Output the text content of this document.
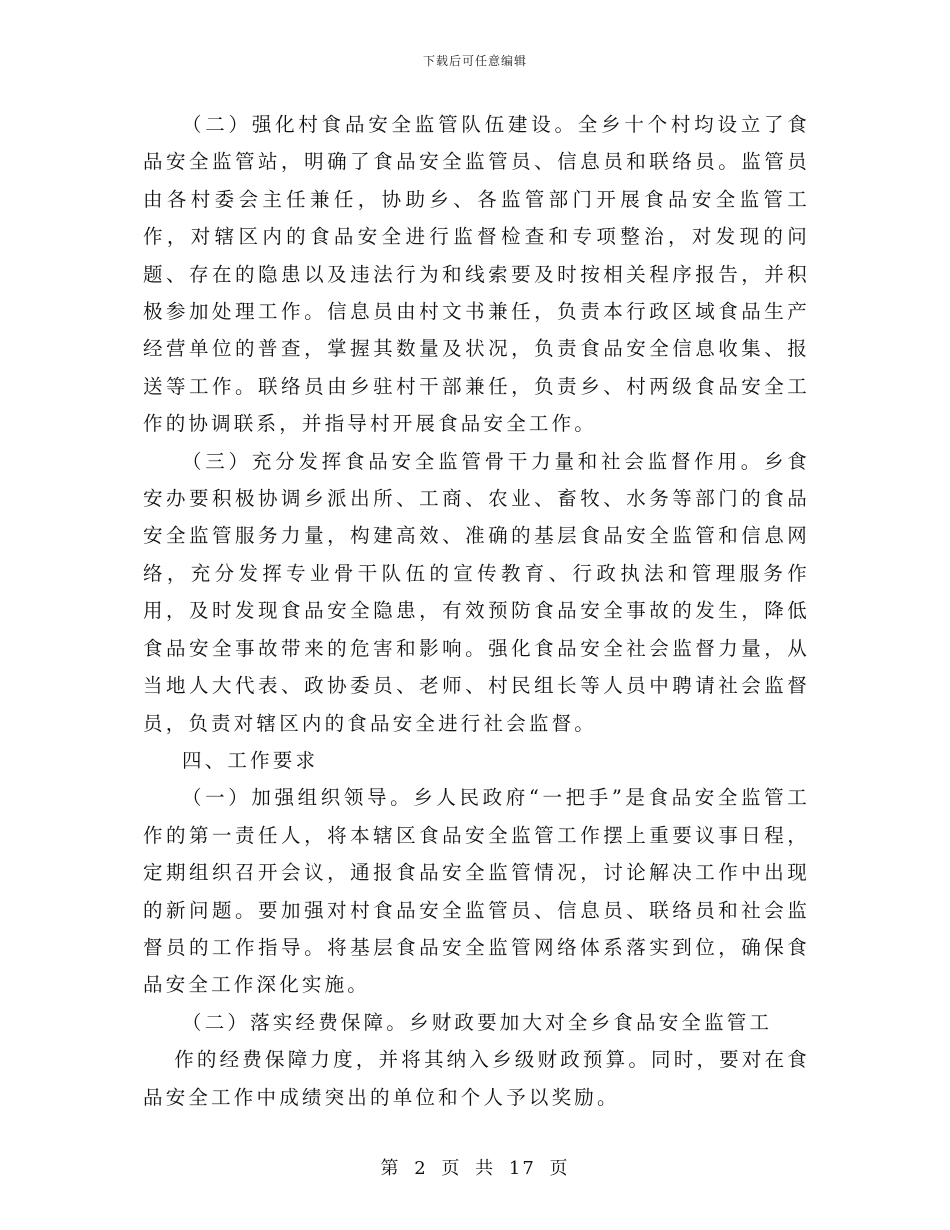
下载后可任意编辑

（二）强化村食品安全监管队伍建设。全乡十个村均设立了食品安全监管站，明确了食品安全监管员、信息员和联络员。监管员由各村委会主任兼任，协助乡、各监管部门开展食品安全监管工作，对辖区内的食品安全进行监督检查和专项整治，对发现的问题、存在的隐患以及违法行为和线索要及时按相关程序报告，并积极参加处理工作。信息员由村文书兼任，负责本行政区域食品生产经营单位的普查，掌握其数量及状况，负责食品安全信息收集、报送等工作。联络员由乡驻村干部兼任，负责乡、村两级食品安全工作的协调联系，并指导村开展食品安全工作。

（三）充分发挥食品安全监管骨干力量和社会监督作用。乡食安办要积极协调乡派出所、工商、农业、畜牧、水务等部门的食品安全监管服务力量，构建高效、准确的基层食品安全监管和信息网络，充分发挥专业骨干队伍的宣传教育、行政执法和管理服务作用，及时发现食品安全隐患，有效预防食品安全事故的发生，降低食品安全事故带来的危害和影响。强化食品安全社会监督力量，从当地人大代表、政协委员、老师、村民组长等人员中聘请社会监督员，负责对辖区内的食品安全进行社会监督。

四、工作要求

（一）加强组织领导。乡人民政府“一把手”是食品安全监管工作的第一责任人，将本辖区食品安全监管工作摆上重要议事日程，定期组织召开会议，通报食品安全监管情况，讨论解决工作中出现的新问题。要加强对村食品安全监管员、信息员、联络员和社会监督员的工作指导。将基层食品安全监管网络体系落实到位，确保食品安全工作深化实施。

（二）落实经费保障。乡财政要加大对全乡食品安全监管工

作的经费保障力度，并将其纳入乡级财政预算。同时，要对在食品安全工作中成绩突出的单位和个人予以奖励。

第 2 页 共 17 页
